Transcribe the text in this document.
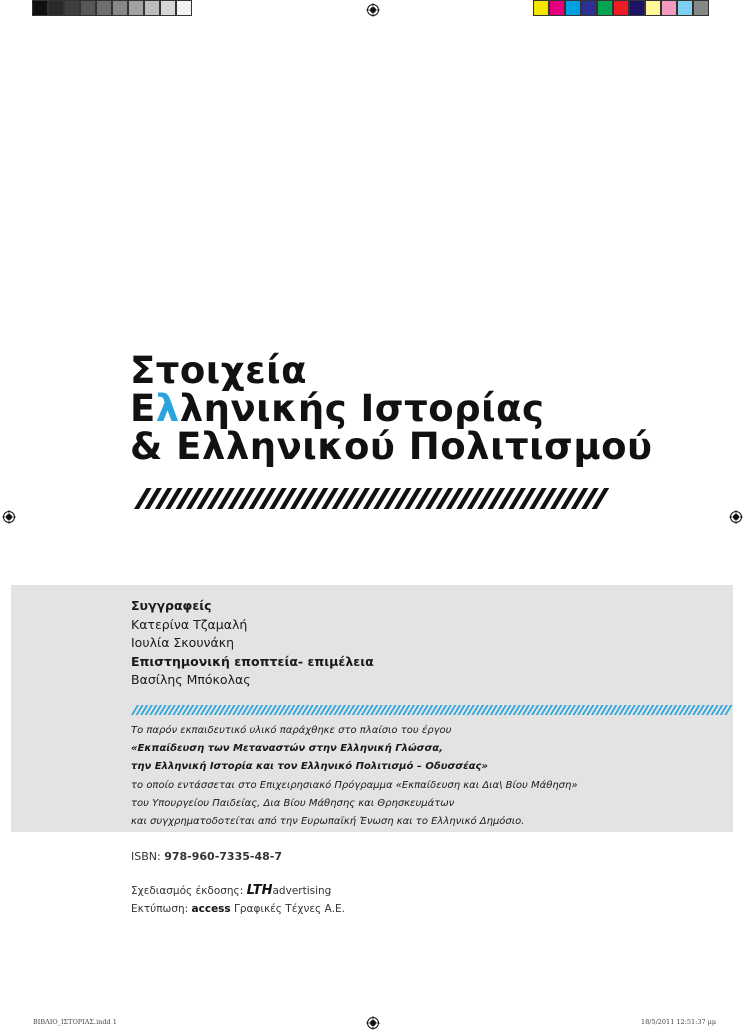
Στοιχεία
Ελληνικής Ιστορίας
& Ελληνικού Πολιτισμού
Συγγραφείς
Κατερίνα Τζαμαλή
Ιουλία Σκουνάκη
Επιστημονική εποπτεία- επιμέλεια
Βασίλης Μπόκολας
Το παρόν εκπαιδευτικό υλικό παράχθηκε στο πλαίσιο του έργου
«Εκπαίδευση των Μεταναστών στην Ελληνική Γλώσσα,
την Ελληνική Ιστορία και τον Ελληνικό Πολιτισμό – Οδυσσέας»
το οποίο εντάσσεται στο Επιχειρησιακό Πρόγραμμα «Εκπαίδευση και Δια\ Βίου Μάθηση»
του Υπουργείου Παιδείας, Δια Βίου Μάθησης και Θρησκευμάτων
και συγχρηματοδοτείται από την Ευρωπαϊκή Ένωση και το Ελληνικό Δημόσιο.
ISBN: 978-960-7335-48-7
Σχεδιασμός έκδοσης: LTHadvertising
Εκτύπωση: access Γραφικές Τέχνες Α.Ε.
ΒΙΒΛΙΟ_ΙΣΤΟΡΙΑΣ.indd 1	18/5/2011 12:51:37 μμ
